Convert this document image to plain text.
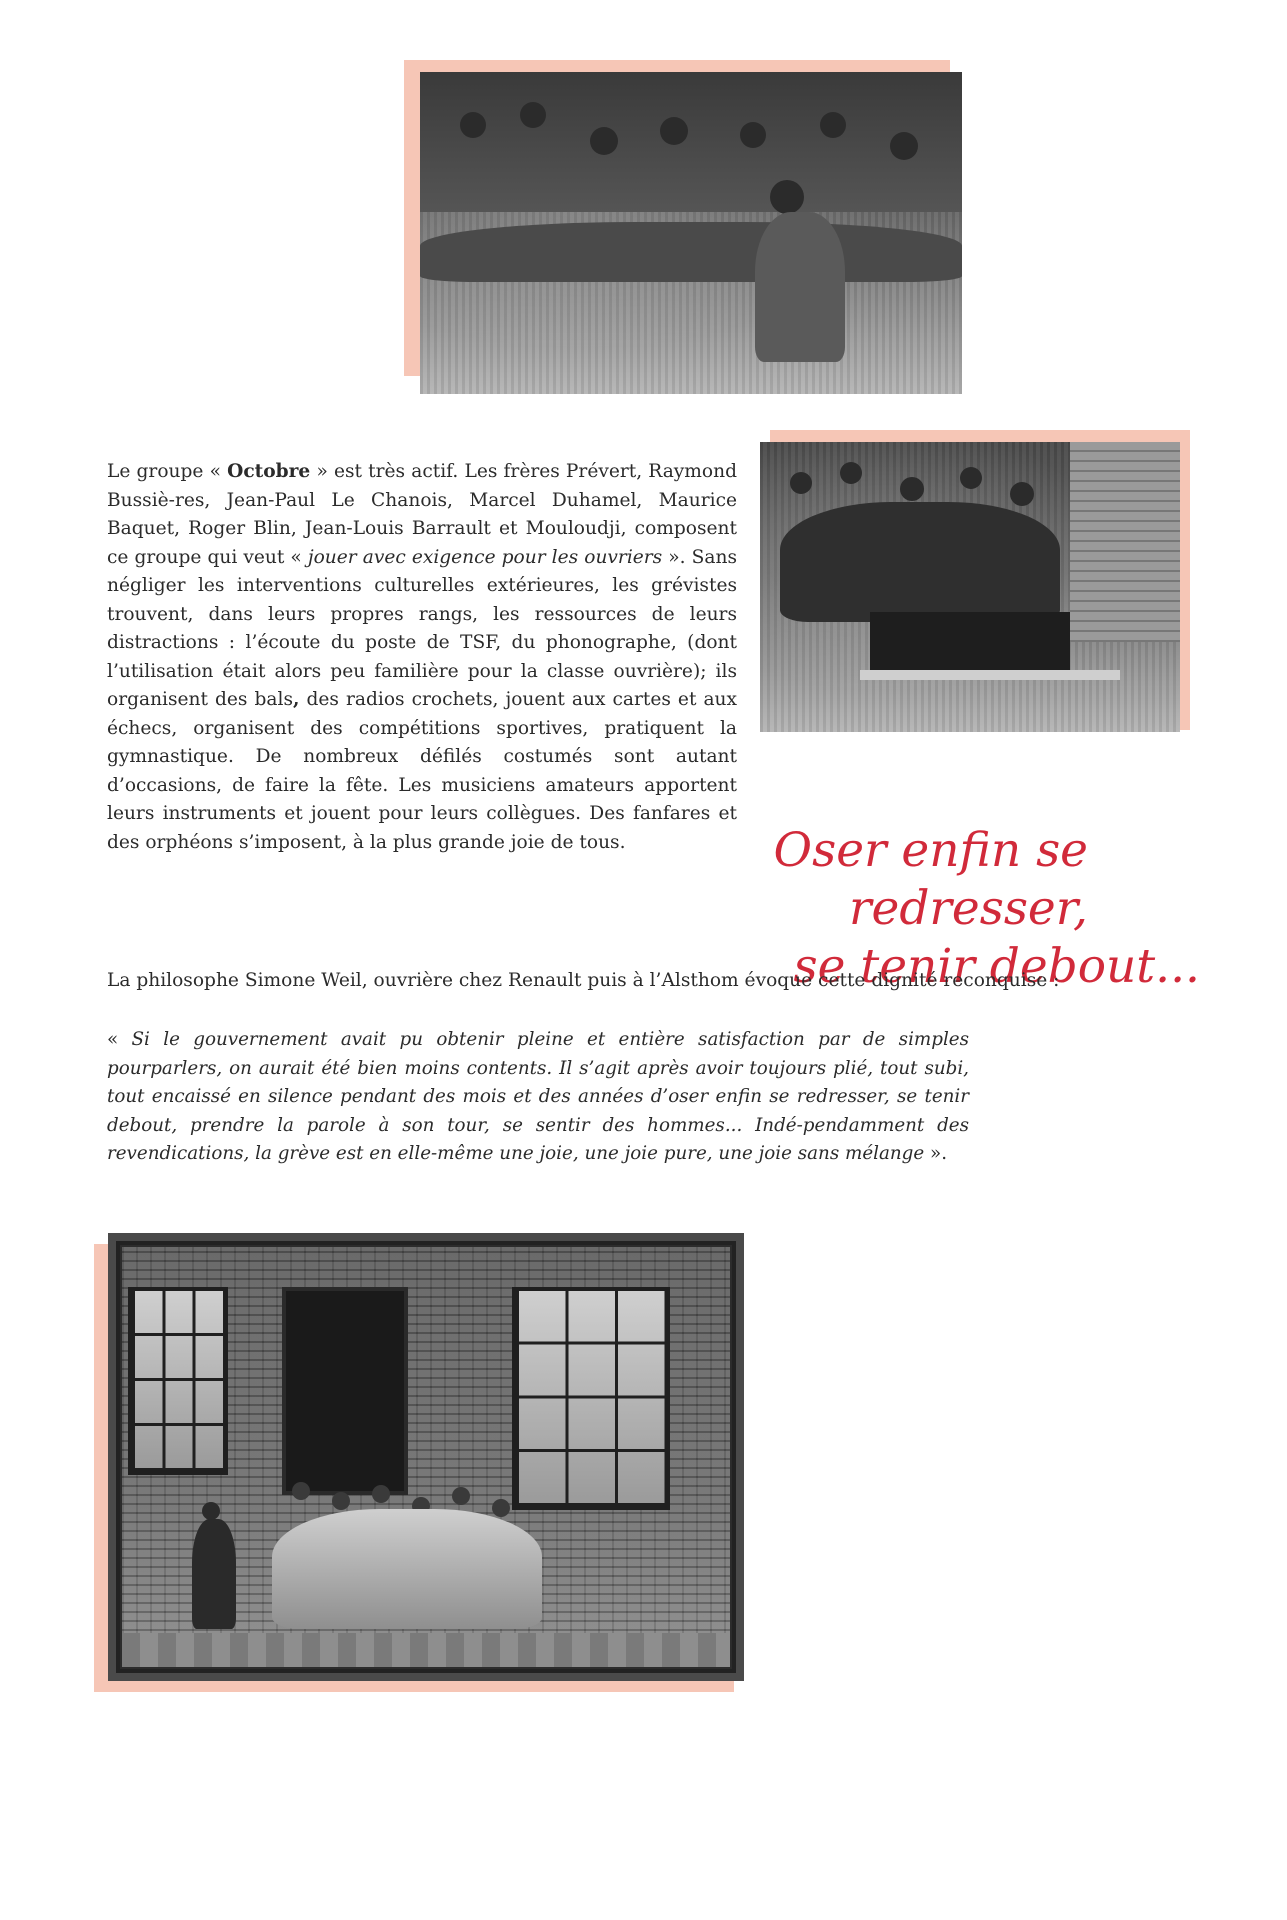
Le groupe « Octobre » est très actif. Les frères Prévert, Raymond Bussiè-res, Jean-Paul Le Chanois, Marcel Duhamel, Maurice Baquet, Roger Blin, Jean-Louis Barrault et Mouloudji, composent ce groupe qui veut « jouer avec exigence pour les ouvriers ». Sans négliger les interventions culturelles extérieures, les grévistes trouvent, dans leurs propres rangs, les ressources de leurs distractions : l’écoute du poste de TSF, du phonographe, (dont l’utilisation était alors peu familière pour la classe ouvrière); ils organisent des bals, des radios crochets, jouent aux cartes et aux échecs, organisent des compétitions sportives, pratiquent la gymnastique. De nombreux défilés costumés sont autant d’occasions, de faire la fête. Les musiciens amateurs apportent leurs instruments et jouent pour leurs collègues. Des fanfares et des orphéons s’imposent, à la plus grande joie de tous.	Oser enfin se redresser,
se tenir debout...
La philosophe Simone Weil, ouvrière chez Renault puis à l’Alsthom évoque cette dignité reconquise :
« Si le gouvernement avait pu obtenir pleine et entière satisfaction par de simples pourparlers, on aurait été bien moins contents. Il s’agit après avoir toujours plié, tout subi, tout encaissé en silence pendant des mois et des années d’oser enfin se redresser, se tenir debout, prendre la parole à son tour, se sentir des hommes... Indé-pendamment des revendications, la grève est en elle-même une joie, une joie pure, une joie sans mélange ».
